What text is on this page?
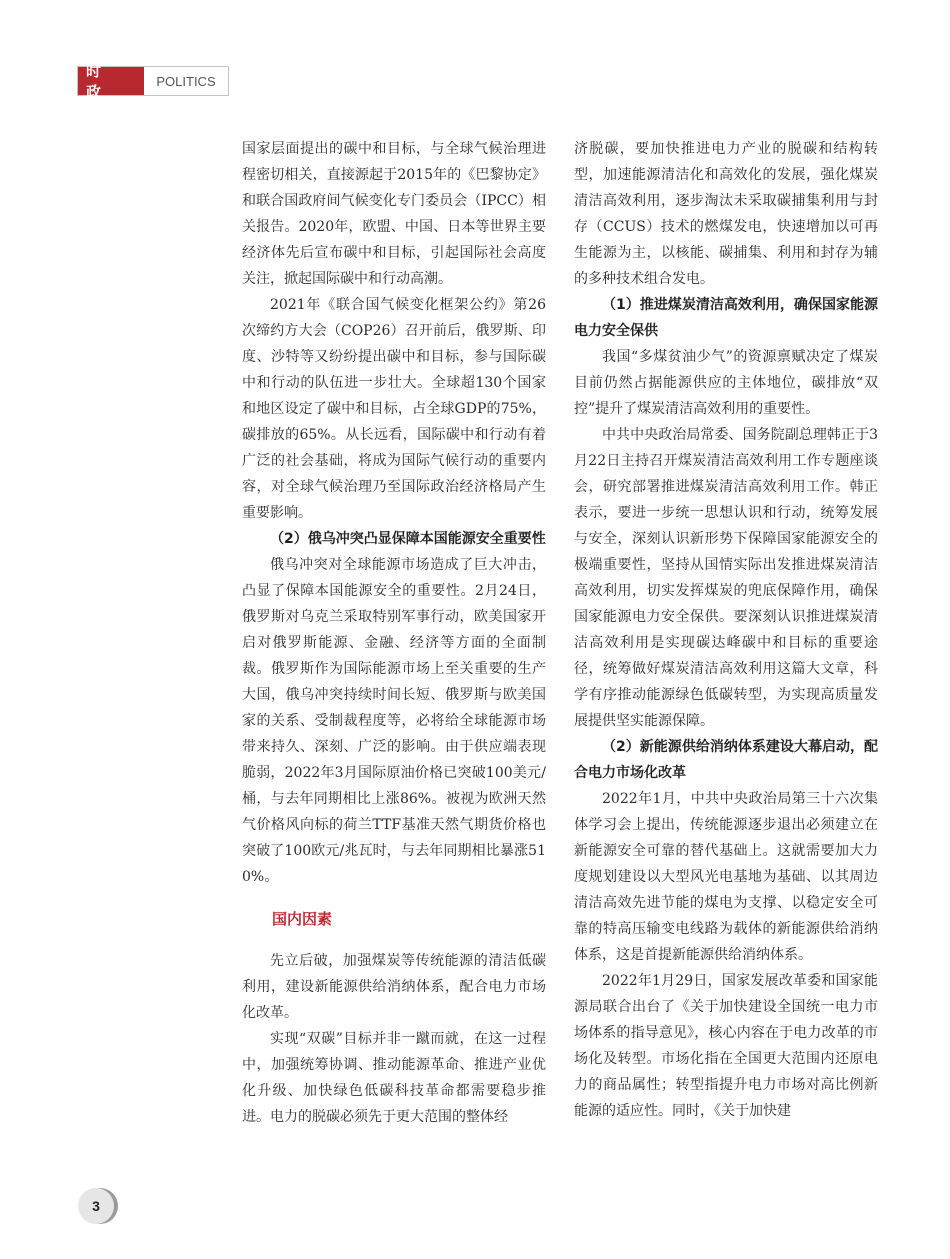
时 政
POLITICS

国家层面提出的碳中和目标，与全球气候治理进程密切相关，直接源起于2015年的《巴黎协定》和联合国政府间气候变化专门委员会（IPCC）相关报告。2020年，欧盟、中国、日本等世界主要经济体先后宣布碳中和目标，引起国际社会高度关注，掀起国际碳中和行动高潮。

2021年《联合国气候变化框架公约》第26次缔约方大会（COP26）召开前后，俄罗斯、印度、沙特等又纷纷提出碳中和目标，参与国际碳中和行动的队伍进一步壮大。全球超130个国家和地区设定了碳中和目标，占全球GDP的75%，碳排放的65%。从长远看，国际碳中和行动有着广泛的社会基础，将成为国际气候行动的重要内容，对全球气候治理乃至国际政治经济格局产生重要影响。

（2）俄乌冲突凸显保障本国能源安全重要性

俄乌冲突对全球能源市场造成了巨大冲击，凸显了保障本国能源安全的重要性。2月24日，俄罗斯对乌克兰采取特别军事行动，欧美国家开启对俄罗斯能源、金融、经济等方面的全面制裁。俄罗斯作为国际能源市场上至关重要的生产大国，俄乌冲突持续时间长短、俄罗斯与欧美国家的关系、受制裁程度等，必将给全球能源市场带来持久、深刻、广泛的影响。由于供应端表现脆弱，2022年3月国际原油价格已突破100美元/桶，与去年同期相比上涨86%。被视为欧洲天然气价格风向标的荷兰TTF基准天然气期货价格也突破了100欧元/兆瓦时，与去年同期相比暴涨510%。

国内因素

先立后破，加强煤炭等传统能源的清洁低碳利用，建设新能源供给消纳体系，配合电力市场化改革。

实现“双碳”目标并非一蹴而就，在这一过程中，加强统筹协调、推动能源革命、推进产业优化升级、加快绿色低碳科技革命都需要稳步推进。电力的脱碳必须先于更大范围的整体经

济脱碳，要加快推进电力产业的脱碳和结构转型，加速能源清洁化和高效化的发展，强化煤炭清洁高效利用，逐步淘汰未采取碳捕集利用与封存（CCUS）技术的燃煤发电，快速增加以可再生能源为主，以核能、碳捕集、利用和封存为辅的多种技术组合发电。

（1）推进煤炭清洁高效利用，确保国家能源电力安全保供

我国“多煤贫油少气”的资源禀赋决定了煤炭目前仍然占据能源供应的主体地位，碳排放“双控”提升了煤炭清洁高效利用的重要性。

中共中央政治局常委、国务院副总理韩正于3月22日主持召开煤炭清洁高效利用工作专题座谈会，研究部署推进煤炭清洁高效利用工作。韩正表示，要进一步统一思想认识和行动，统筹发展与安全，深刻认识新形势下保障国家能源安全的极端重要性，坚持从国情实际出发推进煤炭清洁高效利用，切实发挥煤炭的兜底保障作用，确保国家能源电力安全保供。要深刻认识推进煤炭清洁高效利用是实现碳达峰碳中和目标的重要途径，统筹做好煤炭清洁高效利用这篇大文章，科学有序推动能源绿色低碳转型，为实现高质量发展提供坚实能源保障。

（2）新能源供给消纳体系建设大幕启动，配合电力市场化改革

2022年1月，中共中央政治局第三十六次集体学习会上提出，传统能源逐步退出必须建立在新能源安全可靠的替代基础上。这就需要加大力度规划建设以大型风光电基地为基础、以其周边清洁高效先进节能的煤电为支撑、以稳定安全可靠的特高压输变电线路为载体的新能源供给消纳体系，这是首提新能源供给消纳体系。

2022年1月29日，国家发展改革委和国家能源局联合出台了《关于加快建设全国统一电力市场体系的指导意见》，核心内容在于电力改革的市场化及转型。市场化指在全国更大范围内还原电力的商品属性；转型指提升电力市场对高比例新能源的适应性。同时，《关于加快建

3
